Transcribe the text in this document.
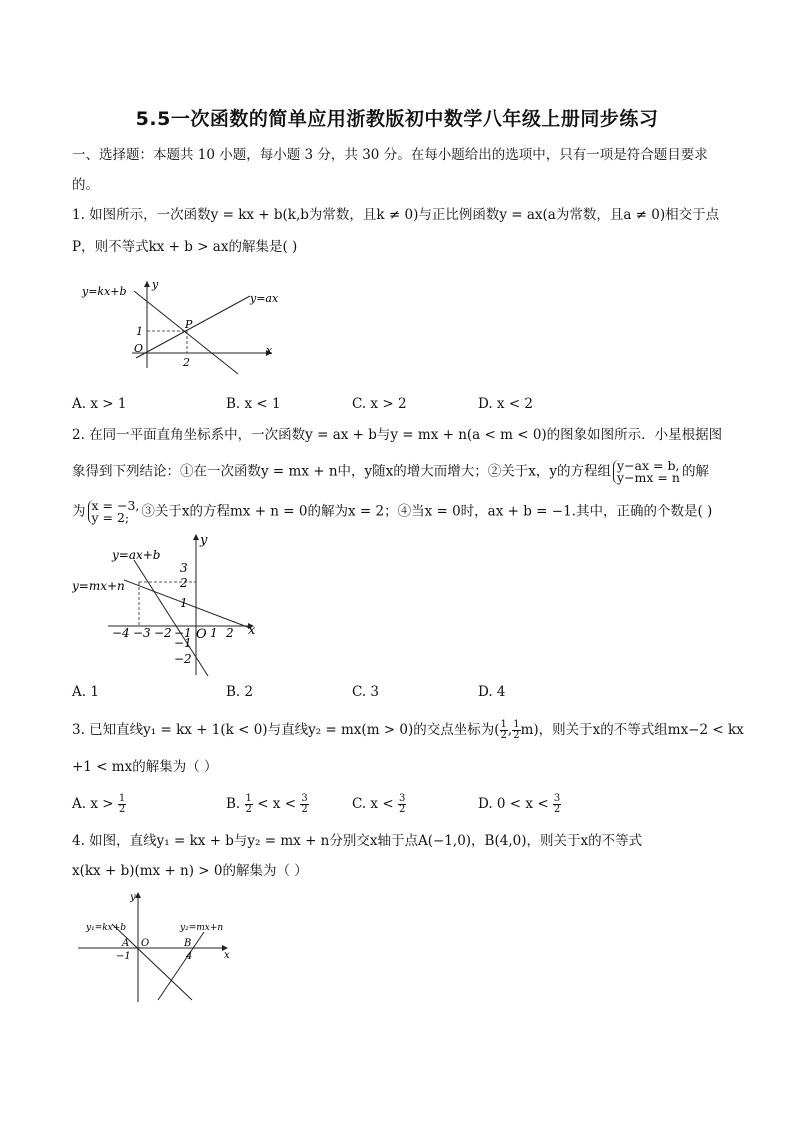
5.5一次函数的简单应用浙教版初中数学八年级上册同步练习
一、选择题：本题共 10 小题，每小题 3 分，共 30 分。在每小题给出的选项中，只有一项是符合题目要求
的。
1. 如图所示，一次函数y = kx + b(k,b为常数，且k ≠ 0)与正比例函数y = ax(a为常数，且a ≠ 0)相交于点
P，则不等式kx + b > ax的解集是( )
y=kx+b
y=ax
y
x
O
P
2
1
A. x > 1	B. x < 1	C. x > 2	D. x < 2
2. 在同一平面直角坐标系中，一次函数y = ax + b与y = mx + n(a < m < 0)的图象如图所示．小星根据图
象得到下列结论：①在一次函数y = mx + n中，y随x的增大而增大；②关于x，y的方程组 y−ax = b,
y−mx = n 的解
为 x = −3,
y = 2; ③关于x的方程mx + n = 0的解为x = 2；④当x = 0时，ax + b = −1.其中，正确的个数是( )
y=ax+b
y=mx+n
y
x
O
−4 −3 −2 −1 1 2
3
2
1
−1
−2
A. 1	B. 2	C. 3	D. 4
3. 已知直线y₁ = kx + 1(k < 0)与直线y₂ = mx(m > 0)的交点坐标为( $\frac{1}{2}$ , $\frac{1}{2} m$)，则关于x的不等式组mx−2 < kx
+1 < mx的解集为（ ）
A. $x > \frac{1}{2}$	B. $\frac{1}{2} < x < \frac{3}{2}$	C. $x < \frac{3}{2}$	D. $0 < x < \frac{3}{2}$
4. 如图，直线y₁ = kx + b与y₂ = mx + n分别交x轴于点A(−1,0)，B(4,0)，则关于x的不等式
x(kx + b)(mx + n) > 0的解集为（ ）
y₁=kx+b	y₂=mx+n
y
x
O
A	B
−1	4
